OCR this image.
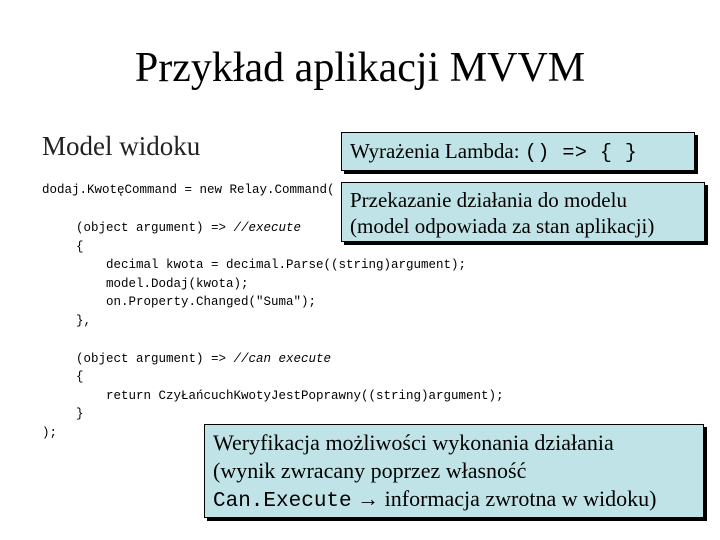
Przykład aplikacji MVVM
Model widoku	Wyrażenia Lambda: () => { }
Przekazanie działania do modelu
(model odpowiada za stan aplikacji)
dodaj.KwotęCommand = new Relay.Command(
(object argument) => //execute
{
decimal kwota = decimal.Parse((string)argument);
model.Dodaj(kwota);
on.Property.Changed("Suma");
},
(object argument) => //can execute
{
return CzyŁańcuchKwotyJestPoprawny((string)argument);
}
);	Weryfikacja możliwości wykonania działania
(wynik zwracany poprzez własność
Can.Execute → informacja zwrotna w widoku)
